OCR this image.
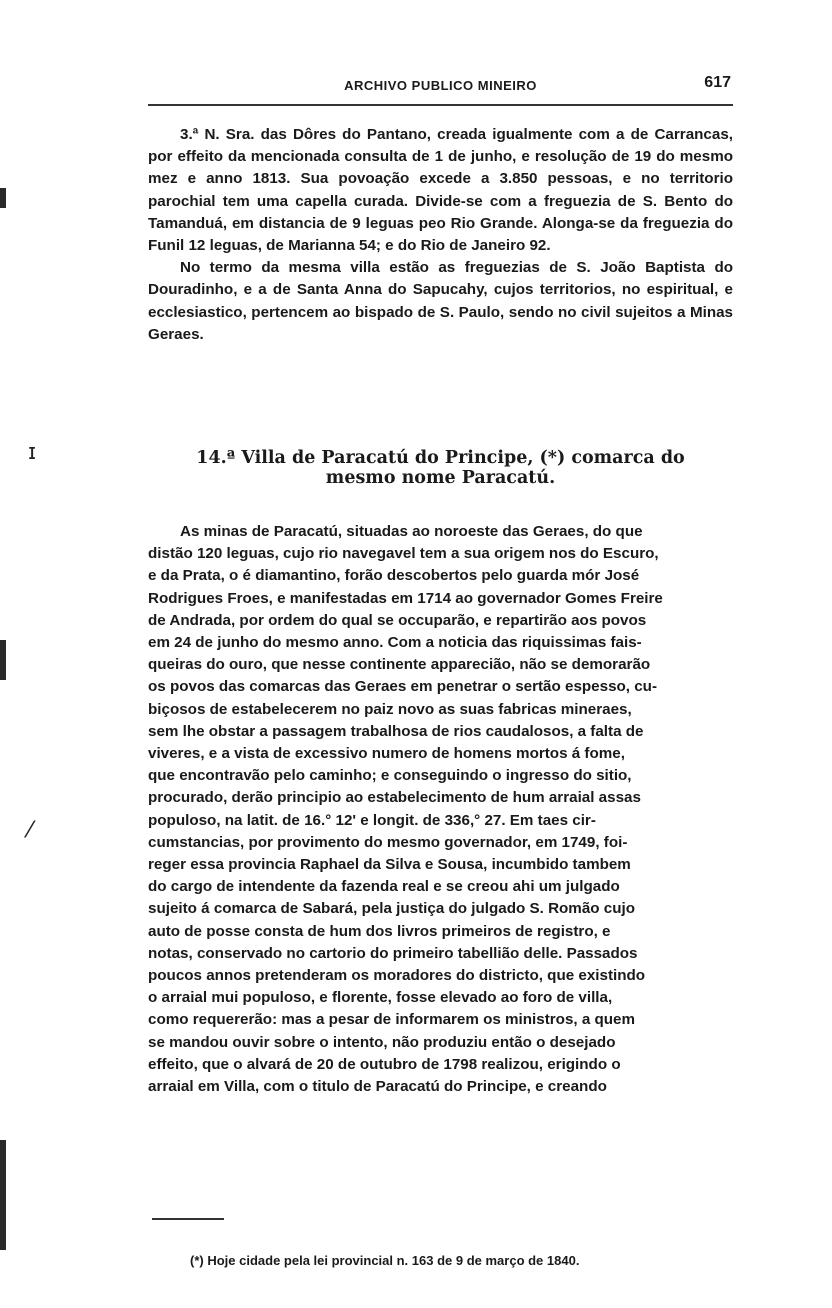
ARCHIVO PUBLICO MINEIRO	617

3.ª N. Sra. das Dôres do Pantano, creada igualmente com a de Carrancas, por effeito da mencionada consulta de 1 de junho, e resolução de 19 do mesmo mez e anno 1813. Sua povoação excede a 3.850 pessoas, e no territorio parochial tem uma capella curada. Divide-se com a freguezia de S. Bento do Tamanduá, em distancia de 9 leguas peo Rio Grande. Alonga-se da freguezia do Funil 12 leguas, de Marianna 54; e do Rio de Janeiro 92.

No termo da mesma villa estão as freguezias de S. João Baptista do Douradinho, e a de Santa Anna do Sapucahy, cujos territorios, no espiritual, e ecclesiastico, pertencem ao bispado de S. Paulo, sendo no civil sujeitos a Minas Geraes.

14.ª Villa de Paracatú do Principe, (*) comarca do
mesmo nome Paracatú.
As minas de Paracatú, situadas ao noroeste das Geraes, do que
distão 120 leguas, cujo rio navegavel tem a sua origem nos do Escuro,
e da Prata, o é diamantino, forão descobertos pelo guarda mór José
Rodrigues Froes, e manifestadas em 1714 ao governador Gomes Freire
de Andrada, por ordem do qual se occuparão, e repartirão aos povos
em 24 de junho do mesmo anno. Com a noticia das riquissimas fais-
queiras do ouro, que nesse continente apparecião, não se demorarão
os povos das comarcas das Geraes em penetrar o sertão espesso, cu-
biçosos de estabelecerem no paiz novo as suas fabricas mineraes,
sem lhe obstar a passagem trabalhosa de rios caudalosos, a falta de
viveres, e a vista de excessivo numero de homens mortos á fome,
que encontravão pelo caminho; e conseguindo o ingresso do sitio,
procurado, derão principio ao estabelecimento de hum arraial assas
populoso, na latit. de 16.° 12' e longit. de 336,° 27. Em taes cir-
cumstancias, por provimento do mesmo governador, em 1749, foi-
reger essa provincia Raphael da Silva e Sousa, incumbido tambem
do cargo de intendente da fazenda real e se creou ahi um julgado
sujeito á comarca de Sabará, pela justiça do julgado S. Romão cujo
auto de posse consta de hum dos livros primeiros de registro, e
notas, conservado no cartorio do primeiro tabellião delle. Passados
poucos annos pretenderam os moradores do districto, que existindo
o arraial mui populoso, e florente, fosse elevado ao foro de villa,
como requererão: mas a pesar de informarem os ministros, a quem
se mandou ouvir sobre o intento, não produziu então o desejado
effeito, que o alvará de 20 de outubro de 1798 realizou, erigindo o
arraial em Villa, com o titulo de Paracatú do Principe, e creando
(*) Hoje cidade pela lei provincial n. 163 de 9 de março de 1840.
ɪ
⁄
